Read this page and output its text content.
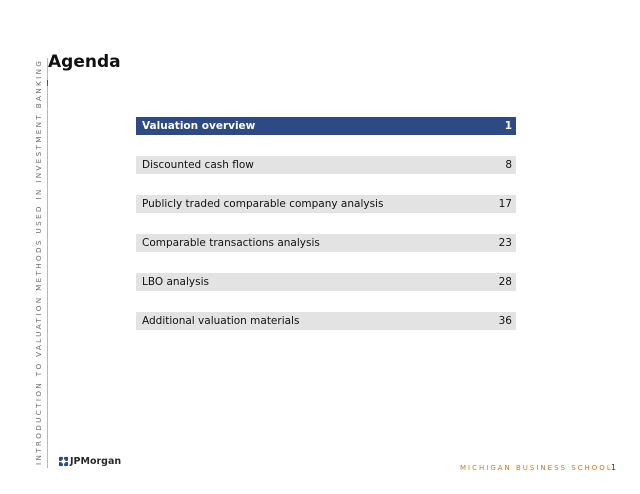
INTRODUCTION TO VALUATION METHODS USED IN INVESTMENT BANKING Agenda
Valuation overview	1
Discounted cash flow	8
Publicly traded comparable company analysis	17
Comparable transactions analysis	23
LBO analysis	28
Additional valuation materials	36
JPMorgan
MICHIGAN BUSINESS SCHOOL
1
